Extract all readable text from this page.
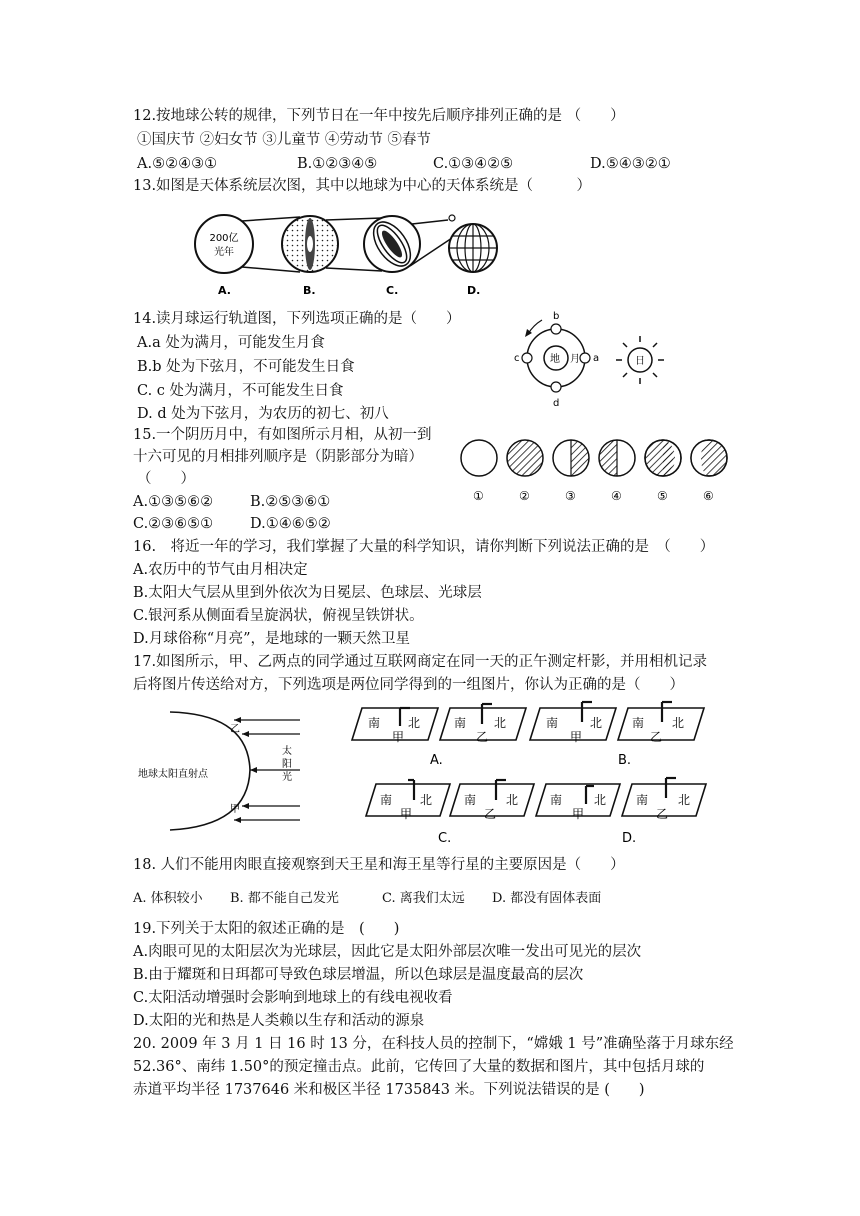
12.按地球公转的规律，下列节日在一年中按先后顺序排列正确的是 （　　）
①国庆节 ②妇女节 ③儿童节 ④劳动节 ⑤春节
A.⑤②④③①	B.①②③④⑤	C.①③④②⑤	D.⑤④③②①
13.如图是天体系统层次图，其中以地球为中心的天体系统是（　　　）
200亿
光年
A.	B.	C.	D.
14.读月球运行轨道图，下列选项正确的是（　　）
A.a 处为满月，可能发生月食
B.b 处为下弦月，不可能发生日食
C. c 处为满月，不可能发生日食
D. d 处为下弦月，为农历的初七、初八
地 月 a
b
c
d
日
15.一个阴历月中，有如图所示月相，从初一到
十六可见的月相排列顺序是（阴影部分为暗）
（　　）
A.①③⑤⑥②	B.②⑤③⑥①
C.②③⑥⑤①	D.①④⑥⑤②
①	②	③	④	⑤	⑥
16.　将近一年的学习，我们掌握了大量的科学知识，请你判断下列说法正确的是　（　　）
A.农历中的节气由月相决定
B.太阳大气层从里到外依次为日冕层、色球层、光球层
C.银河系从侧面看呈旋涡状，俯视呈铁饼状。
D.月球俗称“月亮”，是地球的一颗天然卫星
17.如图所示，甲、乙两点的同学通过互联网商定在同一天的正午测定杆影，并用相机记录
后将图片传送给对方，下列选项是两位同学得到的一组图片，你认为正确的是（　　）
地球太阳直射点
乙
甲
太
阳
光
南 北
甲
南 北
乙
A.
南	北
甲
南 北
乙
B.
南 北
甲
南 北
乙
C.
南	北
甲
南 北
乙
D.
18. 人们不能用肉眼直接观察到天王星和海王星等行星的主要原因是（　　）
A. 体积较小 B. 都不能自己发光	C. 离我们太远 D. 都没有固体表面
19.下列关于太阳的叙述正确的是　(　　)
A.肉眼可见的太阳层次为光球层，因此它是太阳外部层次唯一发出可见光的层次
B.由于耀斑和日珥都可导致色球层增温，所以色球层是温度最高的层次
C.太阳活动增强时会影响到地球上的有线电视收看
D.太阳的光和热是人类赖以生存和活动的源泉
20. 2009 年 3 月 1 日 16 时 13 分，在科技人员的控制下，“嫦娥 1 号”准确坠落于月球东经
52.36°、南纬 1.50°的预定撞击点。此前，它传回了大量的数据和图片，其中包括月球的
赤道平均半径 1737646 米和极区半径 1735843 米。下列说法错误的是 (　　)
